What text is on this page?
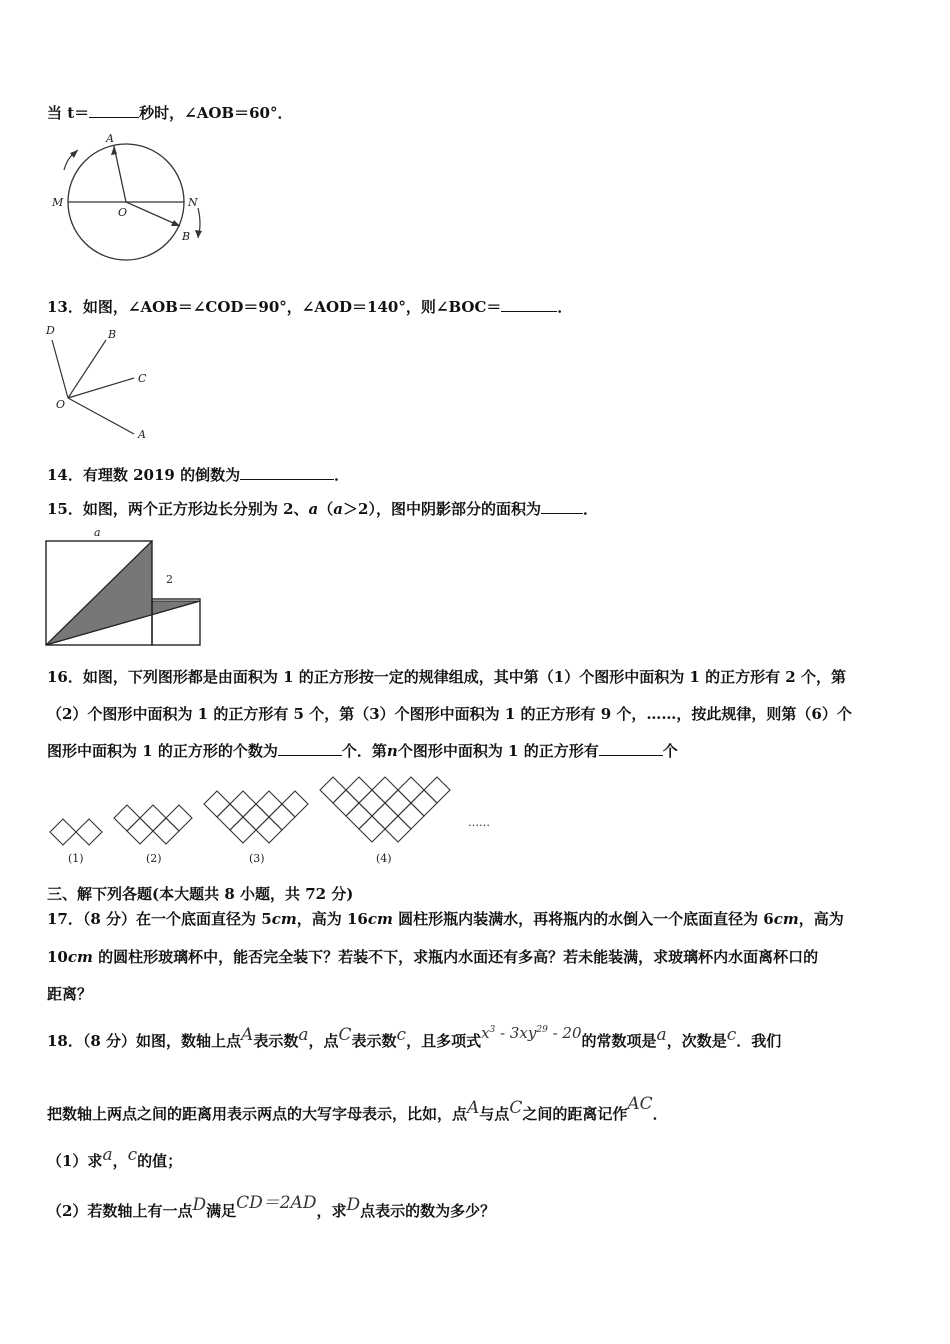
当 t＝	秒时，∠AOB＝60°．
A
M
O
N
B
13．如图，∠AOB＝∠COD＝90°，∠AOD＝140°，则∠BOC＝	．
D	B
C
O
A
14．有理数 2019 的倒数为	．
15．如图，两个正方形边长分别为 2、a（a＞2），图中阴影部分的面积为	．
a
2
16．如图，下列图形都是由面积为 1 的正方形按一定的规律组成，其中第（1）个图形中面积为 1 的正方形有 2 个，第
（2）个图形中面积为 1 的正方形有 5 个，第（3）个图形中面积为 1 的正方形有 9 个，……，按此规律，则第（6）个
图形中面积为 1 的正方形的个数为	个．第n个图形中面积为 1 的正方形有	个
(1)	(2)	(3)	(4)
……
三、解下列各题(本大题共 8 小题，共 72 分)
17．（8 分）在一个底面直径为 5cm，高为 16cm 圆柱形瓶内装满水，再将瓶内的水倒入一个底面直径为 6cm，高为
10cm 的圆柱形玻璃杯中，能否完全装下？若装不下，求瓶内水面还有多高？若未能装满，求玻璃杯内水面离杯口的
距离？
18．（8 分）如图，数轴上点A表示数a，点C表示数c，且多项式$x^3 - 3xy^{29} - 20$的常数项是a，次数是c．我们
把数轴上两点之间的距离用表示两点的大写字母表示，比如，点A与点C之间的距离记作AC．
（1）求a，c的值；
（2）若数轴上有一点D满足CD＝2AD，求D点表示的数为多少？
